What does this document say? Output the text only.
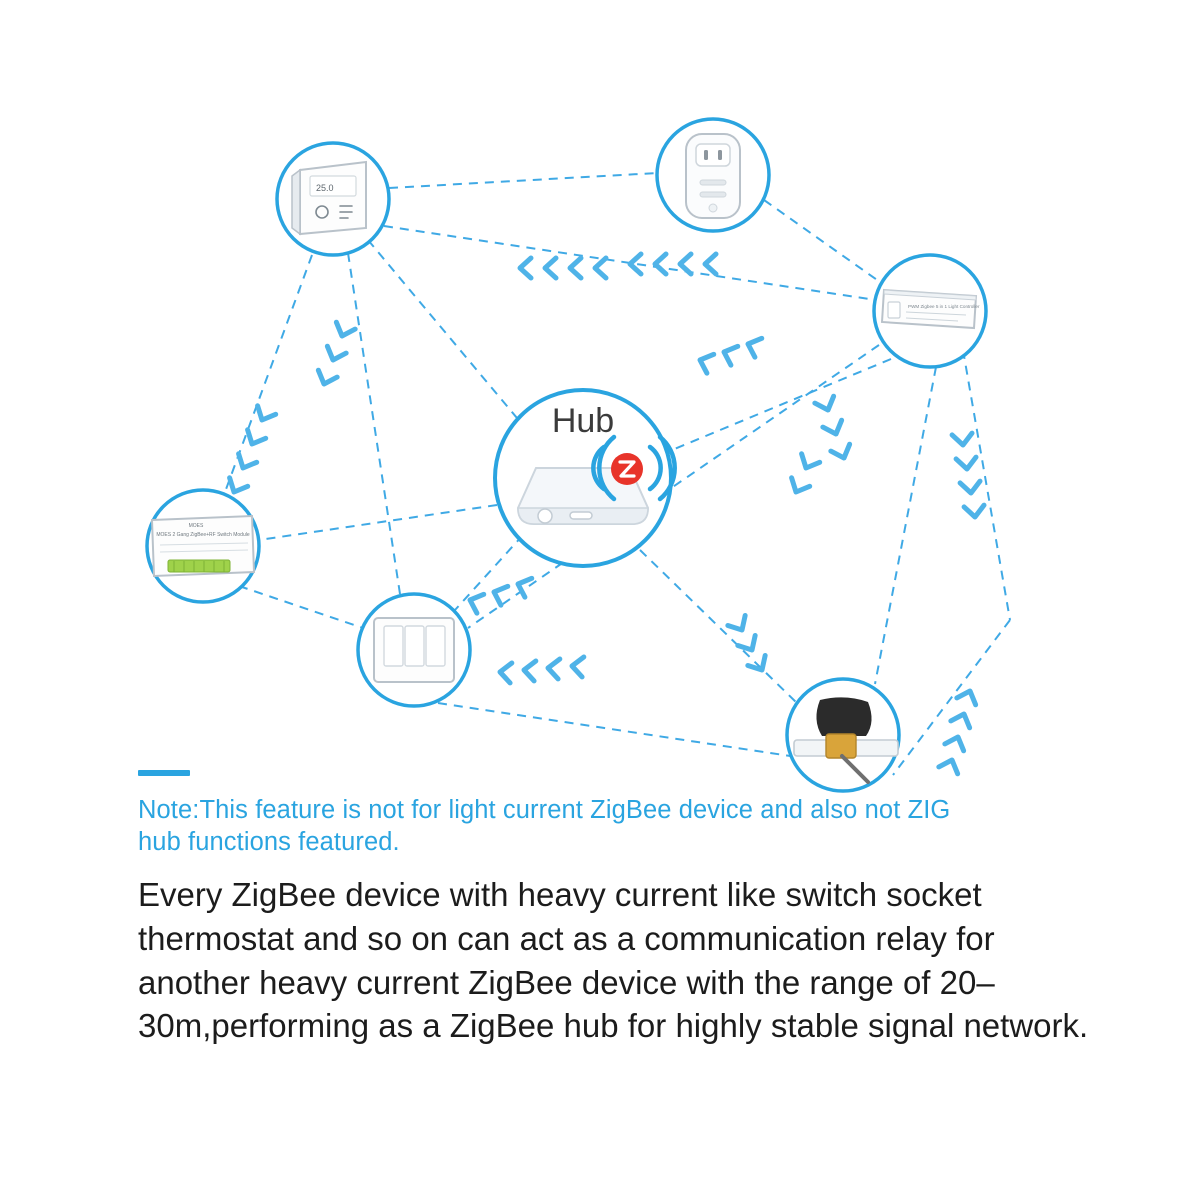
Hub
25.0
PWM Zigbee 5 in 1 Light Controller
MOES
MOES 2 Gang ZigBee+RF Switch Module

Note:This feature is not for light current ZigBee device and also not ZIG hub functions featured.

Every ZigBee device with heavy current like switch socket thermostat and so on can act as a communication relay for another heavy current ZigBee device with the range of 20–30m,performing as a ZigBee hub for highly stable signal network.
